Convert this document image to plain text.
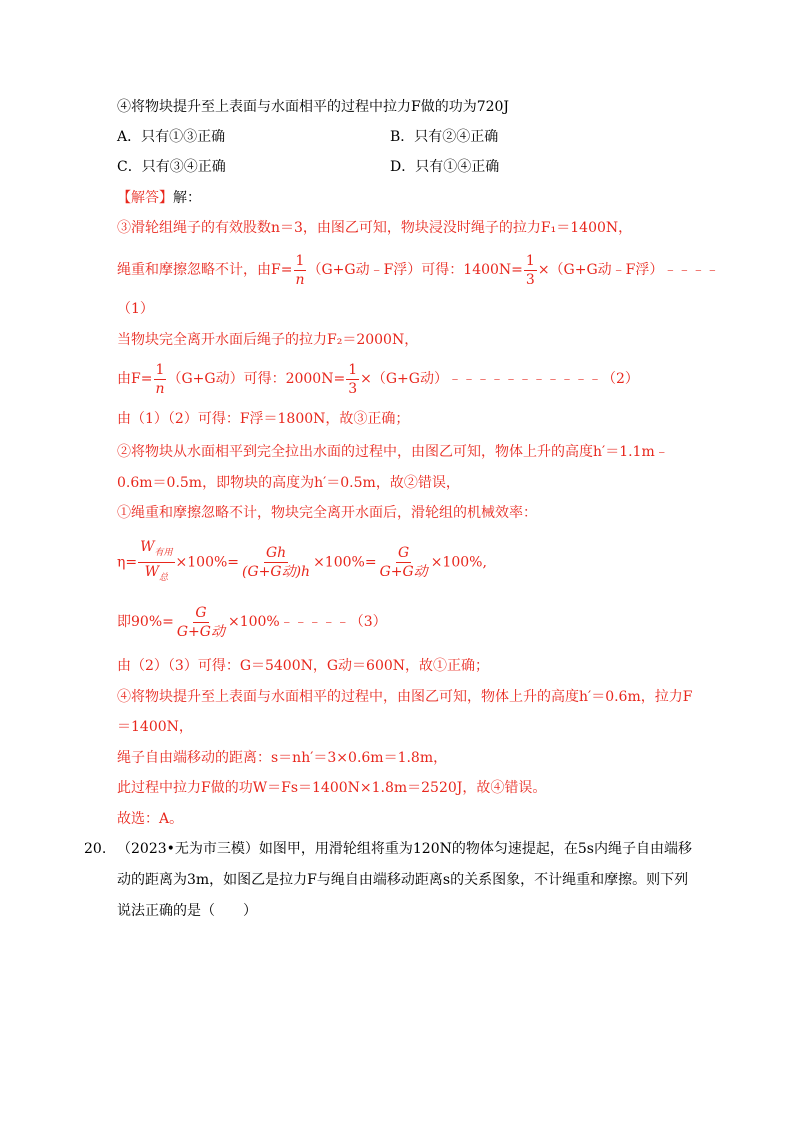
④将物块提升至上表面与水面相平的过程中拉力F做的功为720J
A．只有①③正确	B．只有②④正确
C．只有③④正确	D．只有①④正确
【解答】解：
③滑轮组绳子的有效股数n＝3，由图乙可知，物块浸没时绳子的拉力F₁＝1400N，
绳重和摩擦忽略不计，由$F= \frac{1}{n} (G+G$动﹣F浮）可得：$1400N= \frac{1}{3} \times(G+G$动﹣F浮）﹣﹣﹣﹣
（1）
当物块完全离开水面后绳子的拉力F₂＝2000N，
由$F= \frac{1}{n} (G+G$动）可得：$2000N= \frac{1}{3} \times(G+G$动）﹣﹣﹣﹣﹣﹣﹣﹣﹣﹣﹣（2）
由（1）（2）可得：F浮＝1800N，故③正确；
②将物块从水面相平到完全拉出水面的过程中，由图乙可知，物体上升的高度h′＝1.1m﹣
0.6m＝0.5m，即物块的高度为h′＝0.5m，故②错误，
①绳重和摩擦忽略不计，物块完全离开水面后，滑轮组的机械效率：
$\eta= \frac{W_{有用}}{W_总} \times 100\%= \frac{Gh}{\text{(G+G动)h}} \times 100\%= \frac{G}{\text{G+G动}} \times 100\%$,
即$90\%= \frac{G}{\text{G+G动}}$ ×100%﹣﹣﹣﹣﹣（3）
由（2）（3）可得：G＝5400N，G动＝600N，故①正确；
④将物块提升至上表面与水面相平的过程中，由图乙可知，物体上升的高度h′＝0.6m，拉力F
＝1400N，
绳子自由端移动的距离：s＝nh′＝3×0.6m＝1.8m，
此过程中拉力F做的功W＝Fs＝1400N×1.8m＝2520J，故④错误。
故选：A。
20. （2023•无为市三模）如图甲，用滑轮组将重为120N的物体匀速提起，在5s内绳子自由端移
动的距离为3m，如图乙是拉力F与绳自由端移动距离s的关系图象，不计绳重和摩擦。则下列
说法正确的是（　　）
